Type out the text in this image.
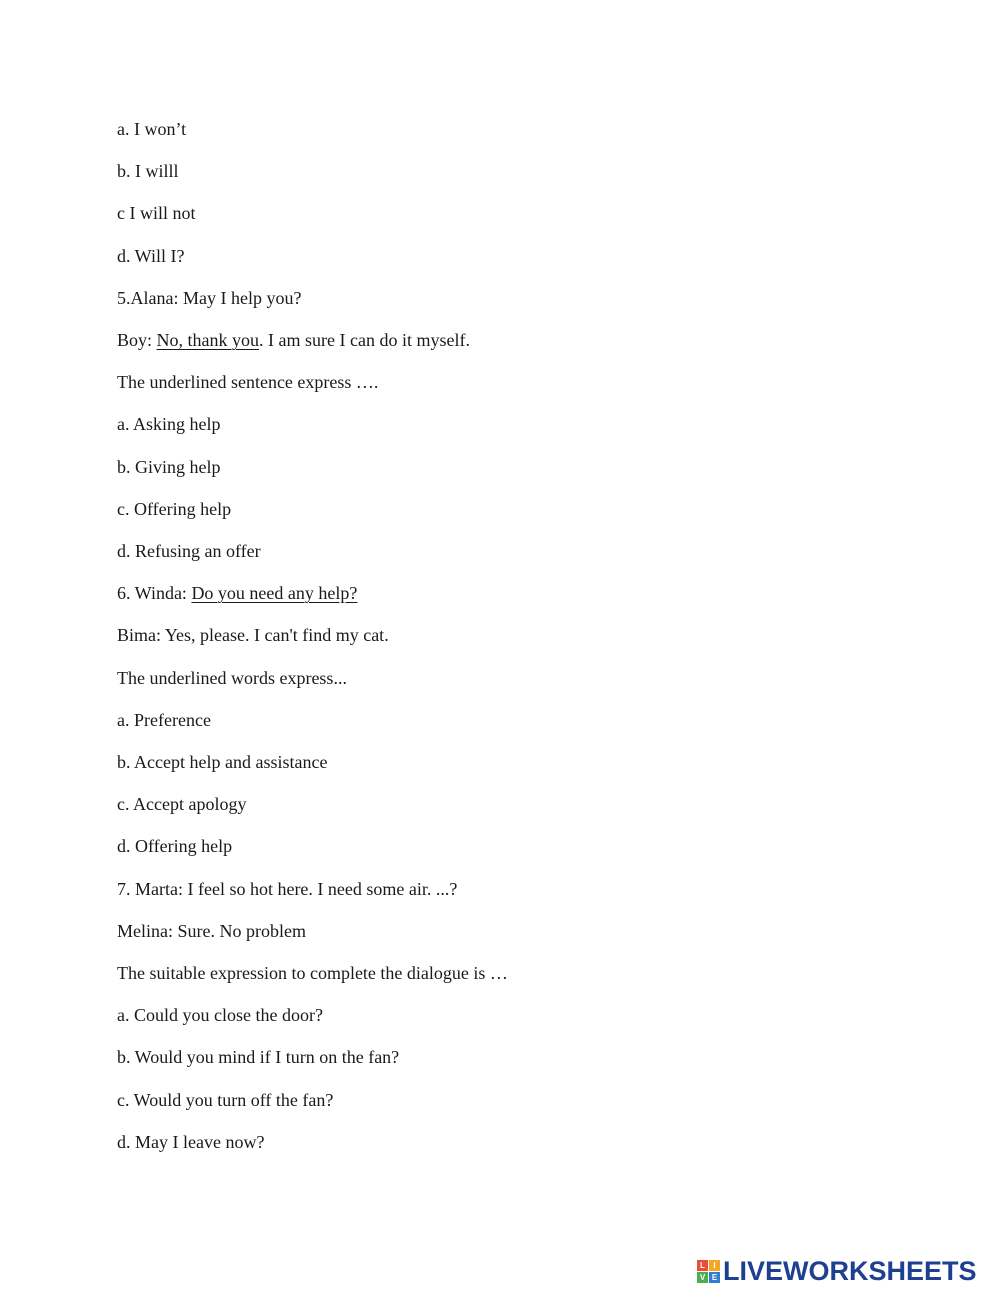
a. I won’t
b. I willl
c I will not
d. Will I?
5.Alana: May I help you?
Boy: No, thank you. I am sure I can do it myself.
The underlined sentence express ….
a. Asking help
b. Giving help
c. Offering help
d. Refusing an offer
6. Winda: Do you need any help?
Bima: Yes, please. I can't find my cat.
The underlined words express...
a. Preference
b. Accept help and assistance
c. Accept apology
d. Offering help
7. Marta: I feel so hot here. I need some air. ...?
Melina: Sure. No problem
The suitable expression to complete the dialogue is …
a. Could you close the door?
b. Would you mind if I turn on the fan?
c. Would you turn off the fan?
d. May I leave now?
L	I
V E LIVEWORKSHEETS
